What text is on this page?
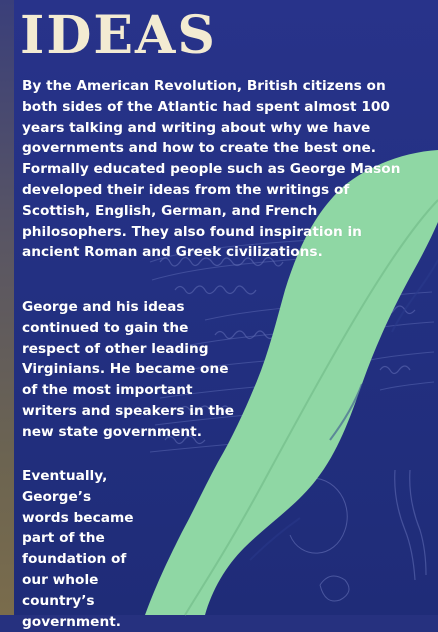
IDEAS

By the American Revolution, British citizens on both sides of the Atlantic had spent almost 100 years talking and writing about why we have governments and how to create the best one. Formally educated people such as George Mason developed their ideas from the writings of Scottish, English, German, and French philosophers. They also found inspiration in ancient Roman and Greek civilizations.

George and his ideas continued to gain the respect of other leading Virginians. He became one of the most important writers and speakers in the new state government.

Eventually, George’s words became part of the foundation of our whole country’s government.
